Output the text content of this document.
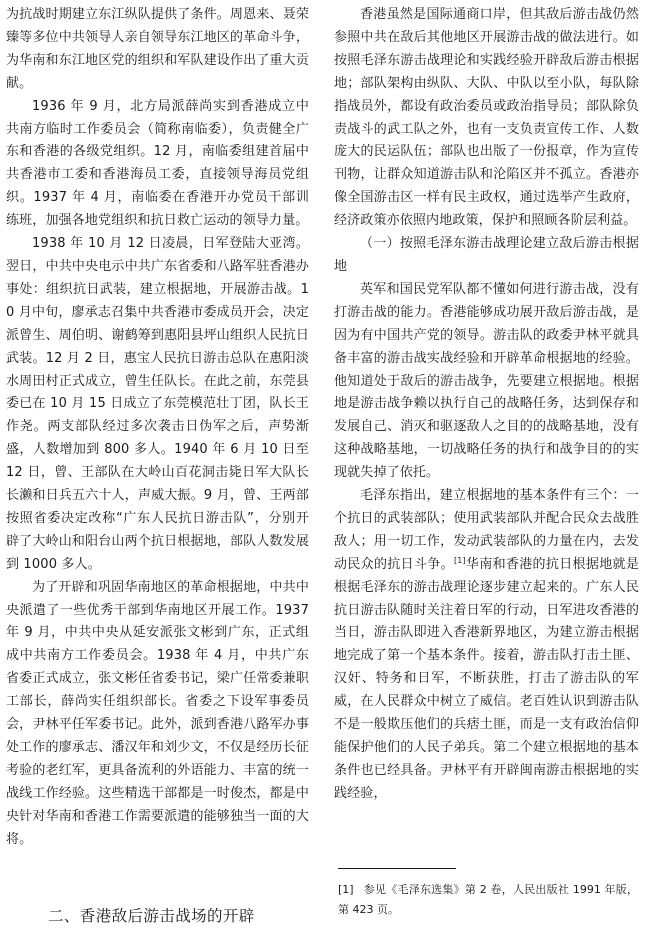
为抗战时期建立东江纵队提供了条件。周恩来、聂荣臻等多位中共领导人亲自领导东江地区的革命斗争，为华南和东江地区党的组织和军队建设作出了重大贡献。

1936 年 9 月，北方局派薛尚实到香港成立中共南方临时工作委员会（简称南临委），负责健全广东和香港的各级党组织。12 月，南临委组建首届中共香港市工委和香港海员工委，直接领导海员党组织。1937 年 4 月，南临委在香港开办党员干部训练班，加强各地党组织和抗日救亡运动的领导力量。

1938 年 10 月 12 日凌晨，日军登陆大亚湾。翌日，中共中央电示中共广东省委和八路军驻香港办事处：组织抗日武装，建立根据地，开展游击战。10 月中旬，廖承志召集中共香港市委成员开会，决定派曾生、周伯明、谢鹤筹到惠阳县坪山组织人民抗日武装。12 月 2 日，惠宝人民抗日游击总队在惠阳淡水周田村正式成立，曾生任队长。在此之前，东莞县委已在 10 月 15 日成立了东莞模范壮丁团，队长王作尧。两支部队经过多次袭击日伪军之后，声势渐盛，人数增加到 800 多人。1940 年 6 月 10 日至 12 日，曾、王部队在大岭山百花洞击毙日军大队长长濑和日兵五六十人，声威大振。9 月，曾、王两部按照省委决定改称“广东人民抗日游击队”，分别开辟了大岭山和阳台山两个抗日根据地，部队人数发展到 1000 多人。

为了开辟和巩固华南地区的革命根据地，中共中央派遣了一些优秀干部到华南地区开展工作。1937 年 9 月，中共中央从延安派张文彬到广东，正式组成中共南方工作委员会。1938 年 4 月，中共广东省委正式成立，张文彬任省委书记，梁广任常委兼职工部长，薛尚实任组织部长。省委之下设军事委员会，尹林平任军委书记。此外，派到香港八路军办事处工作的廖承志、潘汉年和刘少文，不仅是经历长征考验的老红军，更具备流利的外语能力、丰富的统一战线工作经验。这些精选干部都是一时俊杰，都是中央针对华南和香港工作需要派遣的能够独当一面的大将。

二、香港敌后游击战场的开辟

香港虽然是国际通商口岸，但其敌后游击战仍然参照中共在敌后其他地区开展游击战的做法进行。如按照毛泽东游击战理论和实践经验开辟敌后游击根据地；部队架构由纵队、大队、中队以至小队，每队除指战员外，都设有政治委员或政治指导员；部队除负责战斗的武工队之外，也有一支负责宣传工作、人数庞大的民运队伍；部队也出版了一份报章，作为宣传刊物，让群众知道游击队和沦陷区并不孤立。香港亦像全国游击区一样有民主政权，通过选举产生政府，经济政策亦依照内地政策，保护和照顾各阶层利益。

（一）按照毛泽东游击战理论建立敌后游击根据地

英军和国民党军队都不懂如何进行游击战，没有打游击战的能力。香港能够成功展开敌后游击战，是因为有中国共产党的领导。游击队的政委尹林平就具备丰富的游击战实战经验和开辟革命根据地的经验。他知道处于敌后的游击战争，先要建立根据地。根据地是游击战争赖以执行自己的战略任务，达到保存和发展自己、消灭和驱逐敌人之目的的战略基地，没有这种战略基地，一切战略任务的执行和战争目的的实现就失掉了依托。

毛泽东指出，建立根据地的基本条件有三个：一个抗日的武装部队；使用武装部队并配合民众去战胜敌人；用一切工作，发动武装部队的力量在内，去发动民众的抗日斗争。[1]华南和香港的抗日根据地就是根据毛泽东的游击战理论逐步建立起来的。广东人民抗日游击队随时关注着日军的行动，日军进攻香港的当日，游击队即进入香港新界地区，为建立游击根据地完成了第一个基本条件。接着，游击队打击土匪、汉奸、特务和日军，不断获胜，打击了游击队的军威，在人民群众中树立了威信。老百姓认识到游击队不是一般欺压他们的兵痞土匪，而是一支有政治信仰能保护他们的人民子弟兵。第二个建立根据地的基本条件也已经具备。尹林平有开辟闽南游击根据地的实践经验，

[1] 参见《毛泽东选集》第 2 卷，人民出版社 1991 年版，第 423 页。
